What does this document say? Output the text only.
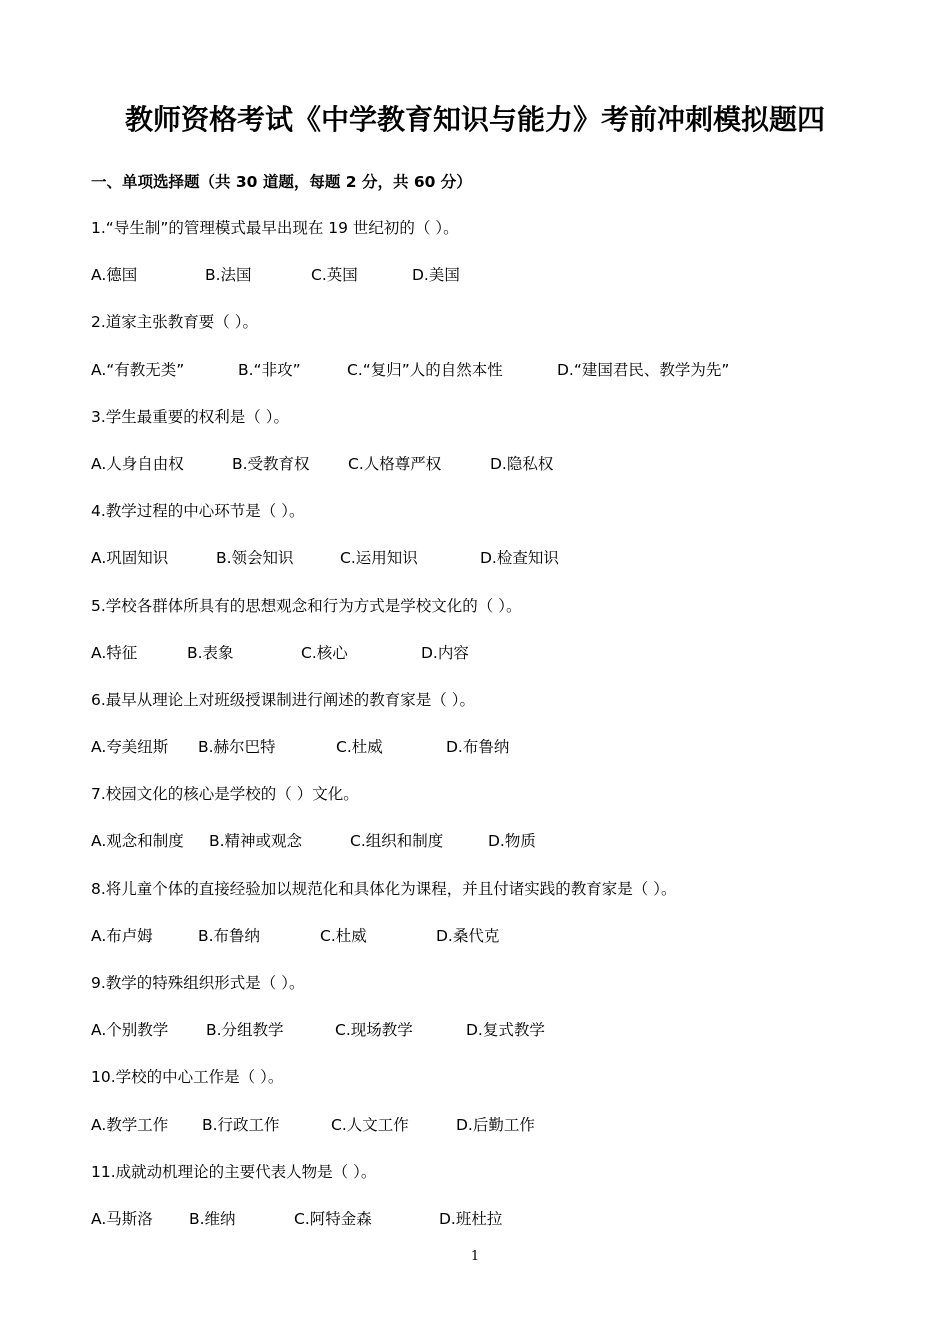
教师资格考试《中学教育知识与能力》考前冲刺模拟题四
一、单项选择题（共 30 道题，每题 2 分，共 60 分）
1.“导生制”的管理模式最早出现在 19 世纪初的（ ）。
A.德国	B.法国	C.英国	D.美国
2.道家主张教育要（ ）。
A.“有教无类”	B.“非攻”	C.“复归”人的自然本性	D.“建国君民、教学为先”
3.学生最重要的权利是（ ）。
A.人身自由权	B.受教育权 C.人格尊严权	D.隐私权
4.教学过程的中心环节是（ ）。
A.巩固知识	B.领会知识	C.运用知识	D.检查知识
5.学校各群体所具有的思想观念和行为方式是学校文化的（ ）。
A.特征	B.表象	C.核心	D.内容
6.最早从理论上对班级授课制进行阐述的教育家是（ ）。
A.夸美纽斯 B.赫尔巴特	C.杜威	D.布鲁纳
7.校园文化的核心是学校的（ ）文化。
A.观念和制度 B.精神或观念	C.组织和制度	D.物质
8.将儿童个体的直接经验加以规范化和具体化为课程，并且付诸实践的教育家是（ ）。
A.布卢姆	B.布鲁纳	C.杜威	D.桑代克
9.教学的特殊组织形式是（ ）。
A.个别教学 B.分组教学	C.现场教学	D.复式教学
10.学校的中心工作是（ ）。
A.教学工作 B.行政工作	C.人文工作	D.后勤工作
11.成就动机理论的主要代表人物是（ ）。
A.马斯洛 B.维纳	C.阿特金森	D.班杜拉
1
